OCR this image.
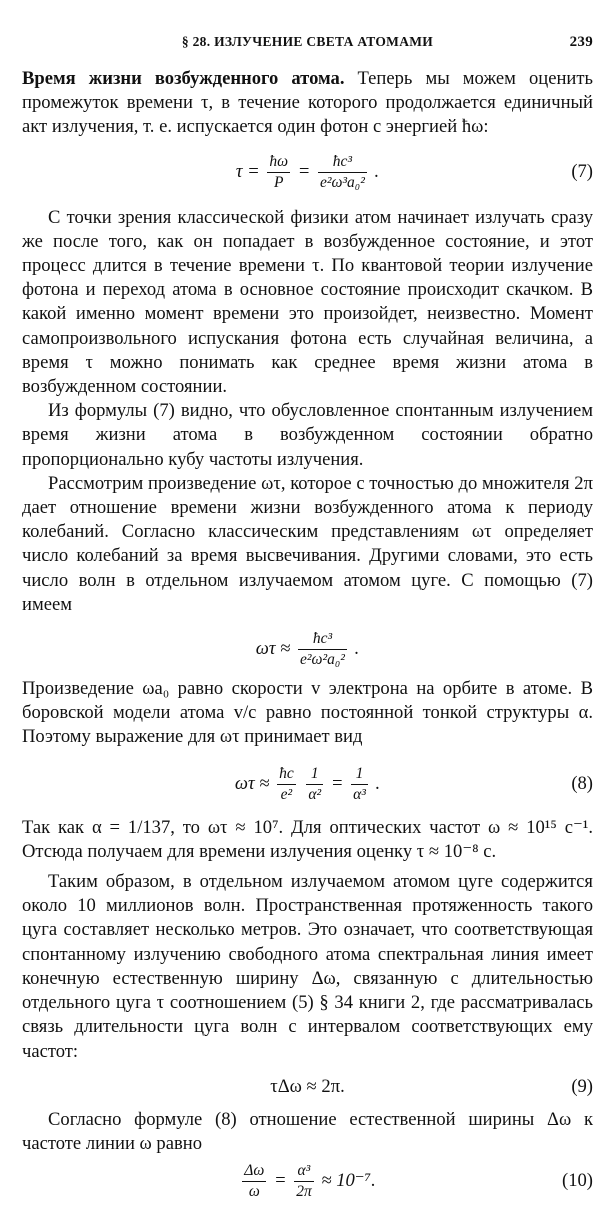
§ 28. ИЗЛУЧЕНИЕ СВЕТА АТОМАМИ	239

Время жизни возбужденного атома. Теперь мы можем оценить промежуток времени τ, в течение которого продолжается единичный акт излучения, т. е. испускается один фотон с энергией ħω:

$\tau = \frac{ħ\omega}{P} = \frac{\text{ħc³}}{\text{e²ω³a₀²}}$ .	(7)

С точки зрения классической физики атом начинает излучать сразу же после того, как он попадает в возбужденное состояние, и этот процесс длится в течение времени τ. По квантовой теории излучение фотона и переход атома в основное состояние происходит скачком. В какой именно момент времени это произойдет, неизвестно. Момент самопроизвольного испускания фотона есть случайная величина, а время τ можно понимать как среднее время жизни атома в возбужденном состоянии.

Из формулы (7) видно, что обусловленное спонтанным излучением время жизни атома в возбужденном состоянии обратно пропорционально кубу частоты излучения.

Рассмотрим произведение ωτ, которое с точностью до множителя 2π дает отношение времени жизни возбужденного атома к периоду колебаний. Согласно классическим представлениям ωτ определяет число колебаний за время высвечивания. Другими словами, это есть число волн в отдельном излучаемом атомом цуге. С помощью (7) имеем

$\omega\tau \approx \frac{\text{ħc³}}{\text{e²ω²a₀²}}$ .

Произведение ωa₀ равно скорости v электрона на орбите в атоме. В боровской модели атома v/c равно постоянной тонкой структуры α. Поэтому выражение для ωτ принимает вид

$\omega\tau \approx \frac{ħc}{\text{e²}}$
$\frac{1}{\text{α²}} = \frac{1}{\text{α³}}$ .	(8)

Так как α = 1/137, то ωτ ≈ 10⁷. Для оптических частот ω ≈ 10¹⁵ с⁻¹. Отсюда получаем для времени излучения оценку τ ≈ 10⁻⁸ с.

Таким образом, в отдельном излучаемом атомом цуге содержится около 10 миллионов волн. Пространственная протяженность такого цуга составляет несколько метров. Это означает, что соответствующая спонтанному излучению свободного атома спектральная линия имеет конечную естественную ширину Δω, связанную с длительностью отдельного цуга τ соотношением (5) § 34 книги 2, где рассматривалась связь длительности цуга волн с интервалом соответствующих ему частот:

τΔω ≈ 2π.	(9)

Согласно формуле (8) отношение естественной ширины Δω к частоте линии ω равно

$\frac{\Delta\omega}{\omega} = \frac{\text{α³}}{2\pi} \approx 10^{-7}$.	(10)
